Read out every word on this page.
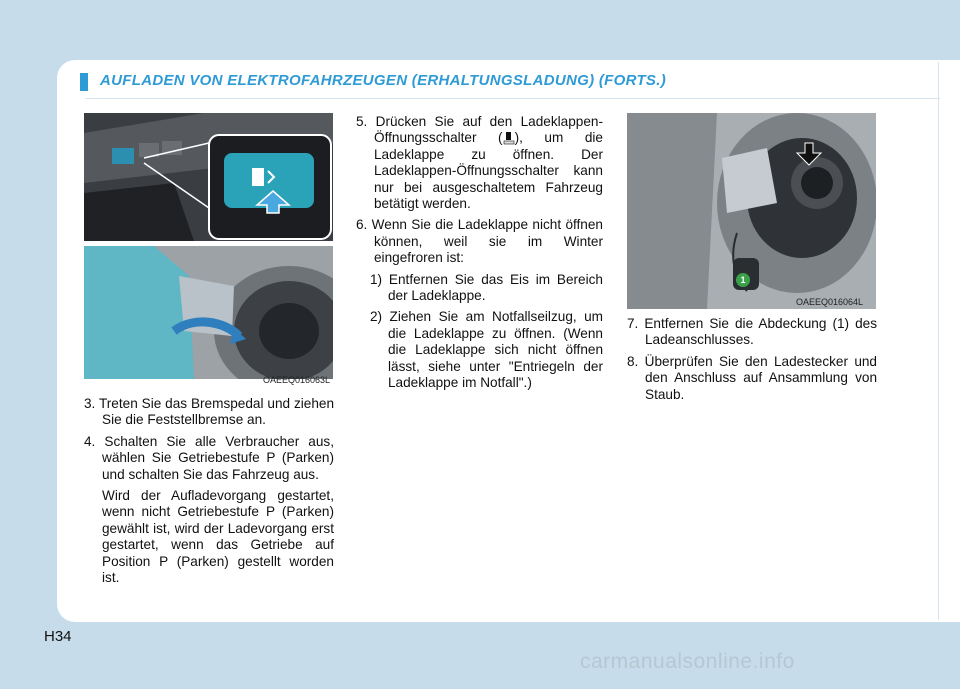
AUFLADEN VON ELEKTROFAHRZEUGEN (ERHALTUNGSLADUNG) (FORTS.)
OAEEQ016063L
1
OAEEQ016064L
3. Treten Sie das Bremspedal und ziehen Sie die Feststellbremse an.
4. Schalten Sie alle Verbraucher aus, wählen Sie Getriebestufe P (Parken) und schalten Sie das Fahrzeug aus.
Wird der Aufladevorgang gestartet, wenn nicht Getriebestufe P (Parken) gewählt ist, wird der Ladevorgang erst gestartet, wenn das Getriebe auf Position P (Parken) gestellt worden ist.
5. Drücken Sie auf den Ladeklappen-Öffnungsschalter ( ), um die Ladeklappe zu öffnen. Der Ladeklappen-Öffnungsschalter kann nur bei ausgeschaltetem Fahrzeug betätigt werden.
6. Wenn Sie die Ladeklappe nicht öffnen können, weil sie im Winter eingefroren ist:
1) Entfernen Sie das Eis im Bereich der Ladeklappe.
2) Ziehen Sie am Notfallseilzug, um die Ladeklappe zu öffnen. (Wenn die Ladeklappe sich nicht öffnen lässt, siehe unter "Entriegeln der Ladeklappe im Notfall".)
7. Entfernen Sie die Abdeckung (1) des Ladeanschlusses.
8. Überprüfen Sie den Ladestecker und den Anschluss auf Ansammlung von Staub.
H34
carmanualsonline.info
